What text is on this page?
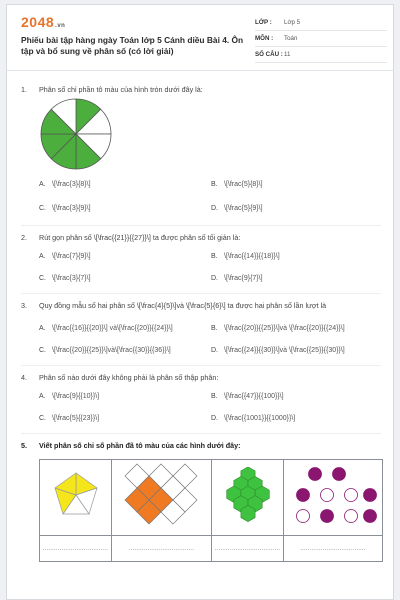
2048.vn
Phiếu bài tập hàng ngày Toán lớp 5 Cánh diều Bài 4. Ôn tập và bổ sung về phân số (có lời giải)
LỚP :	Lớp 5
MÔN :	Toán
SỐ CÂU : 11
1. Phân số chỉ phần tô màu của hình tròn dưới đây là:
A. \[\frac{3}{8}\]	B. \[\frac{5}{8}\]
C. \[\frac{3}{9}\]	D. \[\frac{5}{9}\]
2. Rút gọn phân số \[\frac{{21}}{{27}}\] ta được phân số tối giản là:
A. \[\frac{7}{9}\]	B. \[\frac{{14}}{{18}}\]
C. \[\frac{3}{7}\]	D. \[\frac{9}{7}\]
3. Quy đồng mẫu số hai phân số \[\frac{4}{5}\]và \[\frac{5}{6}\] ta được hai phân số lần lượt là
A. \[\frac{{16}}{{20}}\] và\[\frac{{20}}{{24}}\]	B. \[\frac{{20}}{{25}}\]và \[\frac{{20}}{{24}}\]
C. \[\frac{{20}}{{25}}\]và\[\frac{{30}}{{36}}\]	D. \[\frac{{24}}{{30}}\]và \[\frac{{25}}{{30}}\]
4. Phân số nào dưới đây không phải là phân số thập phân:
A. \[\frac{9}{{10}}\]	B. \[\frac{{47}}{{100}}\]
C. \[\frac{5}{{23}}\]	D. \[\frac{{1001}}{{1000}}\]
5. Viết phân số chỉ số phần đã tô màu của các hình dưới đây:

...................................	...................................	...................................	...................................
